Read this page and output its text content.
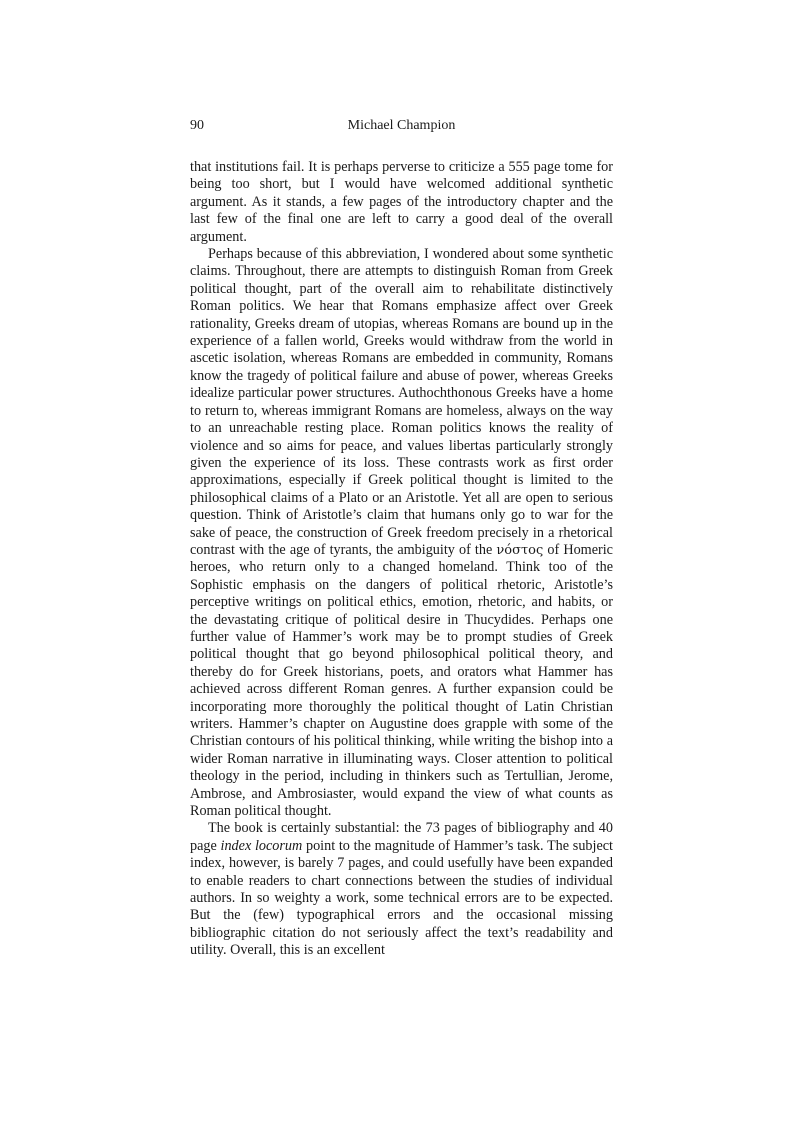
90	Michael Champion

that institutions fail. It is perhaps perverse to criticize a 555 page tome for being too short, but I would have welcomed additional synthetic argument. As it stands, a few pages of the introductory chapter and the last few of the final one are left to carry a good deal of the overall argument.

Perhaps because of this abbreviation, I wondered about some synthetic claims. Throughout, there are attempts to distinguish Roman from Greek political thought, part of the overall aim to rehabilitate distinctively Roman politics. We hear that Romans emphasize affect over Greek rationality, Greeks dream of utopias, whereas Romans are bound up in the experience of a fallen world, Greeks would withdraw from the world in ascetic isolation, whereas Romans are embedded in community, Romans know the tragedy of political failure and abuse of power, whereas Greeks idealize particular power structures. Authochthonous Greeks have a home to return to, whereas immigrant Romans are homeless, always on the way to an unreachable resting place. Roman politics knows the reality of violence and so aims for peace, and values libertas particularly strongly given the experience of its loss. These contrasts work as first order approximations, especially if Greek political thought is limited to the philosophical claims of a Plato or an Aristotle. Yet all are open to serious question. Think of Aristotle’s claim that humans only go to war for the sake of peace, the construction of Greek freedom precisely in a rhetorical contrast with the age of tyrants, the ambiguity of the νόστος of Homeric heroes, who return only to a changed homeland. Think too of the Sophistic emphasis on the dangers of political rhetoric, Aristotle’s perceptive writings on political ethics, emotion, rhetoric, and habits, or the devastating critique of political desire in Thucydides. Perhaps one further value of Hammer’s work may be to prompt studies of Greek political thought that go beyond philosophical political theory, and thereby do for Greek historians, poets, and orators what Hammer has achieved across different Roman genres. A further expansion could be incorporating more thoroughly the political thought of Latin Christian writers. Hammer’s chapter on Augustine does grapple with some of the Christian contours of his political thinking, while writing the bishop into a wider Roman narrative in illuminating ways. Closer attention to political theology in the period, including in thinkers such as Tertullian, Jerome, Ambrose, and Ambrosiaster, would expand the view of what counts as Roman political thought.

The book is certainly substantial: the 73 pages of bibliography and 40 page index locorum point to the magnitude of Hammer’s task. The subject index, however, is barely 7 pages, and could usefully have been expanded to enable readers to chart connections between the studies of individual authors. In so weighty a work, some technical errors are to be expected. But the (few) typographical errors and the occasional missing bibliographic citation do not seriously affect the text’s readability and utility. Overall, this is an excellent
